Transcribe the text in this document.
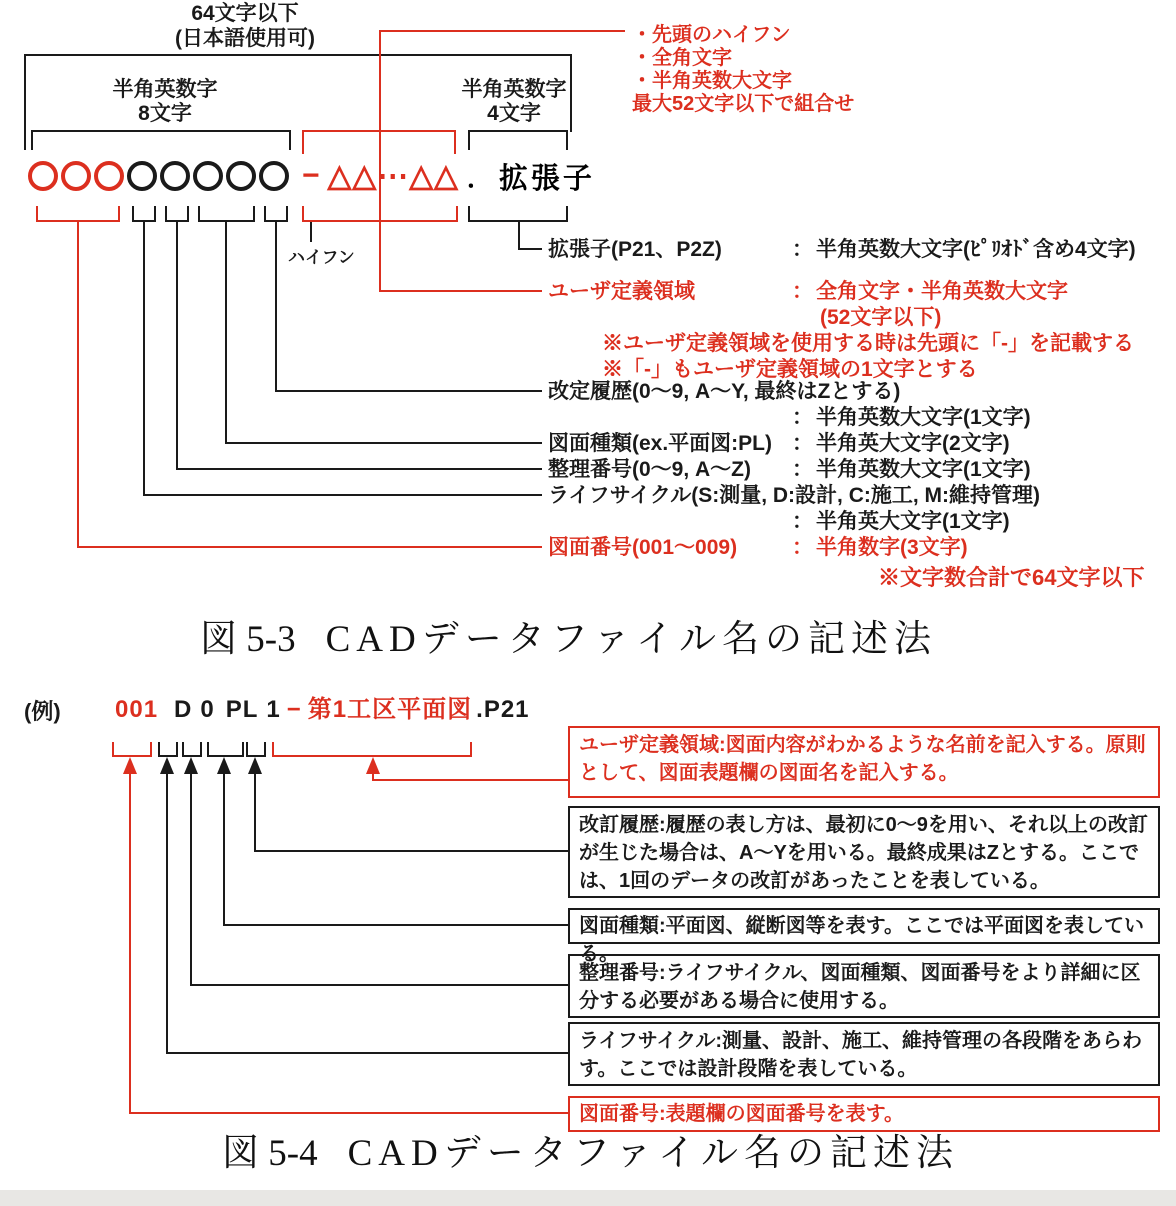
64文字以下
(日本語使用可)
半角英数字
8文字
半角英数字
4文字
・先頭のハイフン
・全角文字
・半角英数大文字
最大52文字以下で組合せ
− △△⋯△△ ． 拡張子
ハイフン	拡張子(P21、P2Z)	： 半角英数大文字(ﾋﾟﾘｵﾄﾞ含め4文字)
ユーザ定義領域	： 全角文字・半角英数大文字
(52文字以下)
※ユーザ定義領域を使用する時は先頭に「-」を記載する
※「-」もユーザ定義領域の1文字とする
改定履歴(0〜9, A〜Y, 最終はZとする)
： 半角英数大文字(1文字)
図面種類(ex.平面図:PL) ： 半角英大文字(2文字)
整理番号(0〜9, A〜Z) ： 半角英数大文字(1文字)
ライフサイクル(S:測量, D:設計, C:施工, M:維持管理)
： 半角英大文字(1文字)
図面番号(001〜009)	： 半角数字(3文字)
※文字数合計で64文字以下
図 5-3 CADデータファイル名の記述法
(例) 001 D 0 PL 1 − 第1工区平面図 .P21
ユーザ定義領域:図面内容がわかるような名前を記入する。原則として、図面表題欄の図面名を記入する。
改訂履歴:履歴の表し方は、最初に0〜9を用い、それ以上の改訂が生じた場合は、A〜Yを用いる。最終成果はZとする。ここでは、1回のデータの改訂があったことを表している。
図面種類:平面図、縦断図等を表す。ここでは平面図を表している。
整理番号:ライフサイクル、図面種類、図面番号をより詳細に区分する必要がある場合に使用する。
ライフサイクル:測量、設計、施工、維持管理の各段階をあらわす。ここでは設計段階を表している。
図面番号:表題欄の図面番号を表す。
図 5-4 CADデータファイル名の記述法
